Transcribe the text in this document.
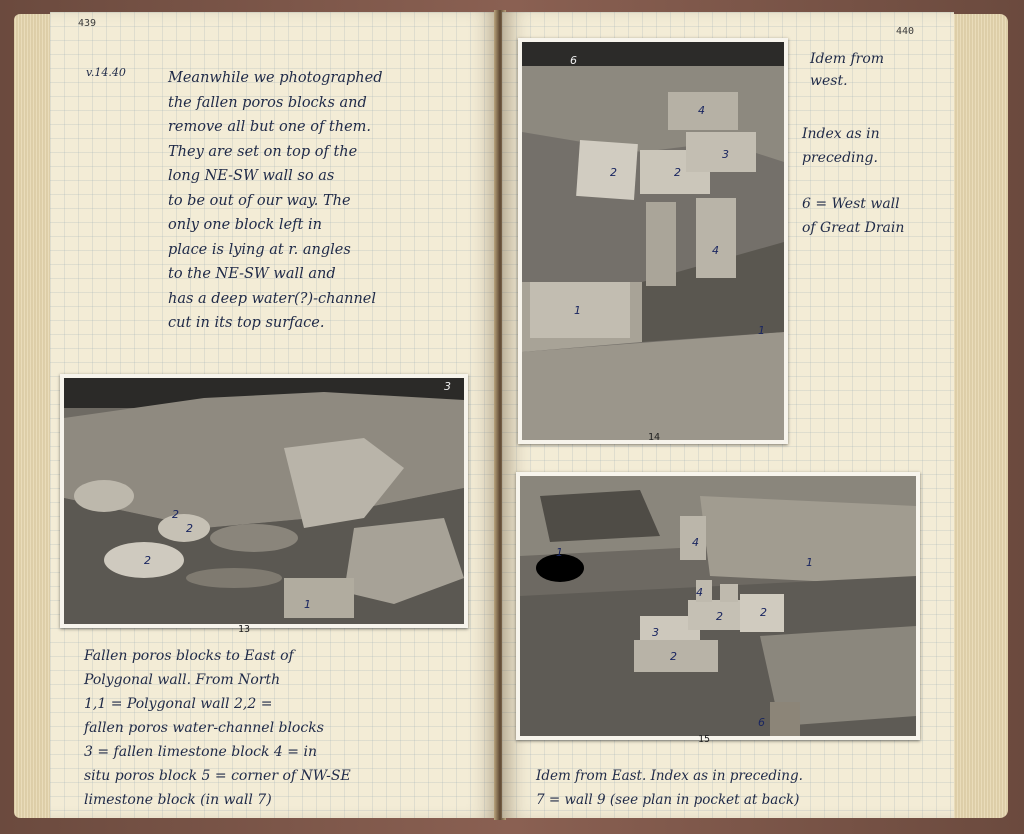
439

v.14.40	Meanwhile we photographed
the fallen poros blocks and
remove all but one of them.
They are set on top of the
long NE-SW wall so as
to be out of our way. The
only one block left in
place is lying at r. angles
to the NE-SW wall and
has a deep water(?)-channel
cut in its top surface.

2
2
2
1
3
13

Fallen poros blocks to East of
Polygonal wall. From North
1,1 = Polygonal wall 2,2 =
fallen poros water-channel blocks
3 = fallen limestone block 4 = in
situ poros block 5 = corner of NW-SE
limestone block (in wall 7)

440
6
4
2	2
3
4
1
1
14

Idem from
west.

Index as in
preceding.

6 = West wall
of Great Drain

4
4
2	2
3
2
1
1
6
15

Idem from East. Index as in preceding.
7 = wall 9 (see plan in pocket at back)
